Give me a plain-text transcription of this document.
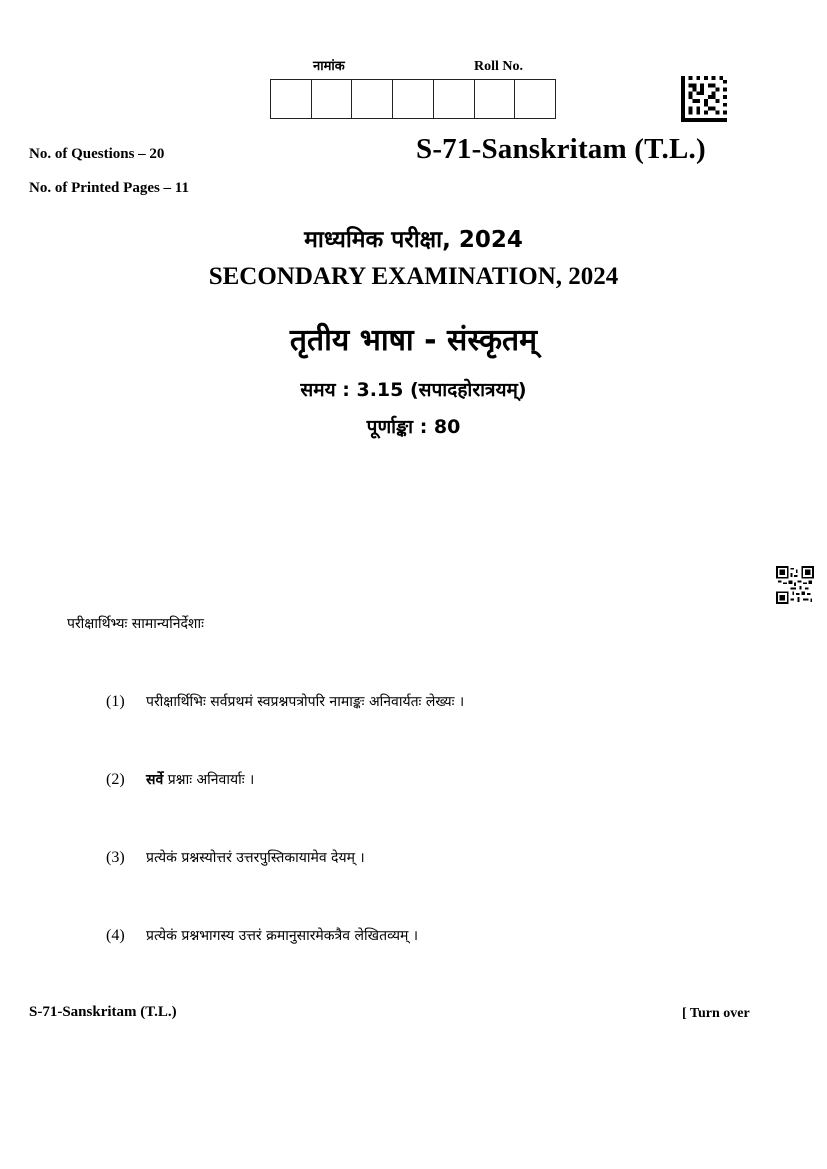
नामांक	Roll No.
No. of Questions – 20
No. of Printed Pages – 11
S-71-Sanskritam (T.L.)
माध्यमिक परीक्षा, 2024
SECONDARY EXAMINATION, 2024
तृतीय भाषा - संस्कृतम्
समय : 3.15 (सपादहोरात्रयम्)
पूर्णाङ्का : 80
परीक्षार्थिभ्यः सामान्यनिर्देशाः
(1)	परीक्षार्थिभिः सर्वप्रथमं स्वप्रश्नपत्रोपरि नामाङ्कः अनिवार्यतः लेख्यः ।
(2)	सर्वे प्रश्नाः अनिवार्याः ।
(3)	प्रत्येकं प्रश्नस्योत्तरं उत्तरपुस्तिकायामेव देयम् ।
(4)	प्रत्येकं प्रश्नभागस्य उत्तरं क्रमानुसारमेकत्रैव लेखितव्यम् ।
S-71-Sanskritam (T.L.)	[ Turn over
